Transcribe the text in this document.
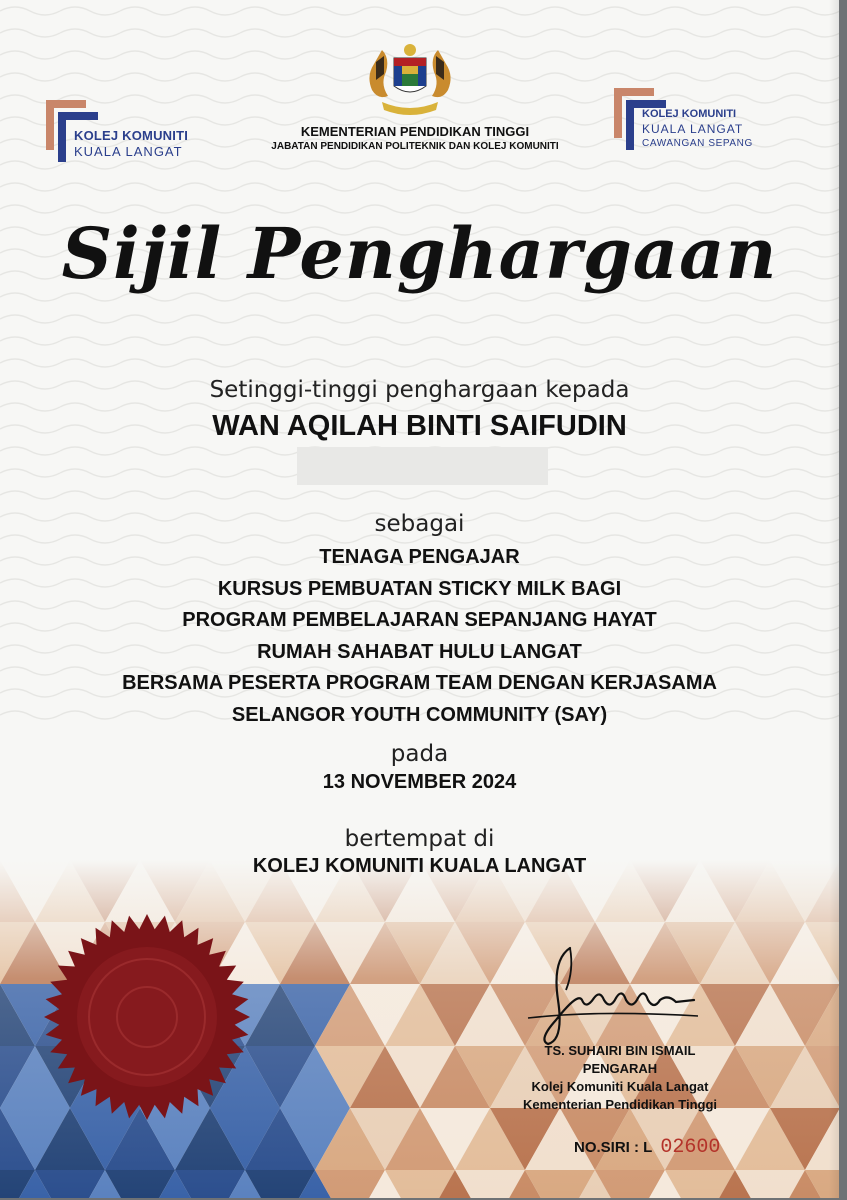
KOLEJ KOMUNITI
KUALA LANGAT
KEMENTERIAN PENDIDIKAN TINGGI
JABATAN PENDIDIKAN POLITEKNIK DAN KOLEJ KOMUNITI
KOLEJ KOMUNITI
KUALA LANGAT
CAWANGAN SEPANG
Sijil Penghargaan
Setinggi-tinggi penghargaan kepada
WAN AQILAH BINTI SAIFUDIN
sebagai
TENAGA PENGAJAR
KURSUS PEMBUATAN STICKY MILK BAGI
PROGRAM PEMBELAJARAN SEPANJANG HAYAT
RUMAH SAHABAT HULU LANGAT
BERSAMA PESERTA PROGRAM TEAM DENGAN KERJASAMA
SELANGOR YOUTH COMMUNITY (SAY)
pada
13 NOVEMBER 2024
bertempat di
KOLEJ KOMUNITI KUALA LANGAT
TS. SUHAIRI BIN ISMAIL
PENGARAH
Kolej Komuniti Kuala Langat
Kementerian Pendidikan Tinggi
NO.SIRI : L 02600
